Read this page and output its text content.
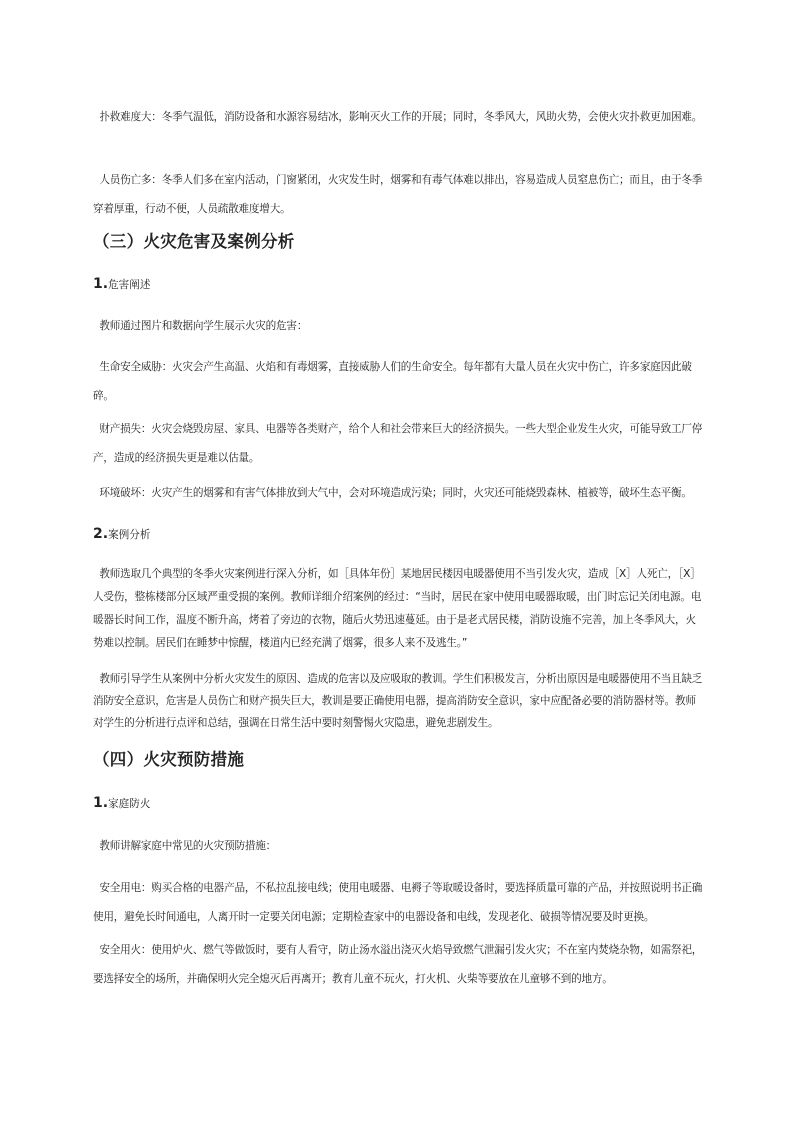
扑救难度大：冬季气温低，消防设备和水源容易结冰，影响灭火工作的开展；同时，冬季风大，风助火势，会使火灾扑救更加困难。
人员伤亡多：冬季人们多在室内活动，门窗紧闭，火灾发生时，烟雾和有毒气体难以排出，容易造成人员窒息伤亡；而且，由于冬季穿着厚重，行动不便，人员疏散难度增大。
（三）火灾危害及案例分析
1.危害阐述
教师通过图片和数据向学生展示火灾的危害：
生命安全威胁：火灾会产生高温、火焰和有毒烟雾，直接威胁人们的生命安全。每年都有大量人员在火灾中伤亡，许多家庭因此破碎。
财产损失：火灾会烧毁房屋、家具、电器等各类财产，给个人和社会带来巨大的经济损失。一些大型企业发生火灾，可能导致工厂停产，造成的经济损失更是难以估量。
环境破坏：火灾产生的烟雾和有害气体排放到大气中，会对环境造成污染；同时，火灾还可能烧毁森林、植被等，破坏生态平衡。
2.案例分析
教师选取几个典型的冬季火灾案例进行深入分析，如［具体年份］某地居民楼因电暖器使用不当引发火灾，造成［X］人死亡，［X］人受伤，整栋楼部分区域严重受损的案例。教师详细介绍案例的经过：“当时，居民在家中使用电暖器取暖，出门时忘记关闭电源。电暖器长时间工作，温度不断升高，烤着了旁边的衣物，随后火势迅速蔓延。由于是老式居民楼，消防设施不完善，加上冬季风大，火势难以控制。居民们在睡梦中惊醒，楼道内已经充满了烟雾，很多人来不及逃生。”
教师引导学生从案例中分析火灾发生的原因、造成的危害以及应吸取的教训。学生们积极发言，分析出原因是电暖器使用不当且缺乏消防安全意识，危害是人员伤亡和财产损失巨大，教训是要正确使用电器，提高消防安全意识，家中应配备必要的消防器材等。教师对学生的分析进行点评和总结，强调在日常生活中要时刻警惕火灾隐患，避免悲剧发生。
（四）火灾预防措施
1.家庭防火
教师讲解家庭中常见的火灾预防措施：
安全用电：购买合格的电器产品，不私拉乱接电线；使用电暖器、电褥子等取暖设备时，要选择质量可靠的产品，并按照说明书正确使用，避免长时间通电，人离开时一定要关闭电源；定期检查家中的电器设备和电线，发现老化、破损等情况要及时更换。
安全用火：使用炉火、燃气等做饭时，要有人看守，防止汤水溢出浇灭火焰导致燃气泄漏引发火灾；不在室内焚烧杂物，如需祭祀，要选择安全的场所，并确保明火完全熄灭后再离开；教育儿童不玩火，打火机、火柴等要放在儿童够不到的地方。
